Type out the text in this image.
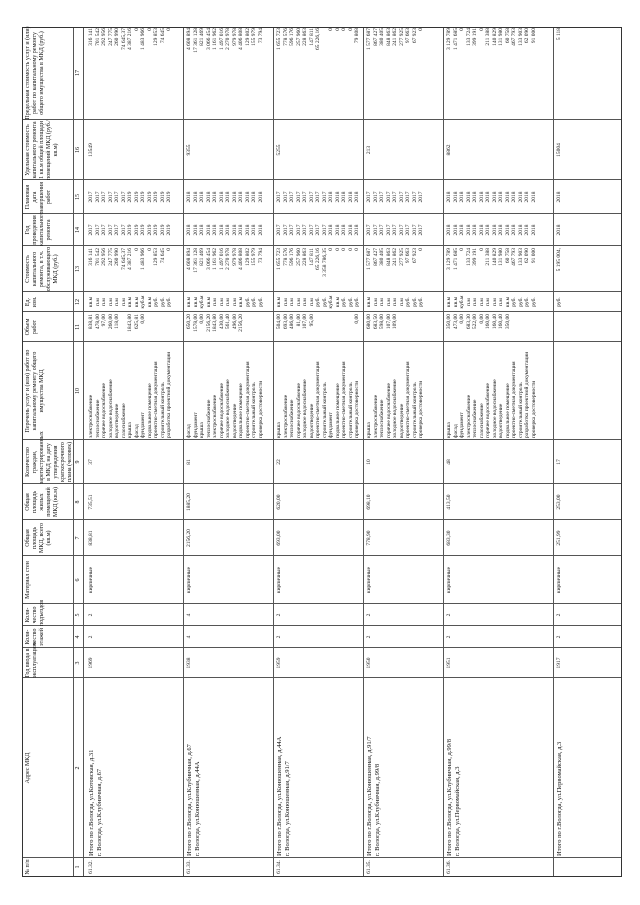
№ п/п
Адрес МКД
Год ввода в эксплуатацию
Коли-чество этажей
Коли-чество подъездов
Материал стен
Общая площадь МКД, всего (кв.м)
Общая площадь жилых помещений МКД (кв.м)
Количество граждан, зарегистрированных в МКД на дату утверждения краткосрочного плана (человек)
Перечень услуг и (или) работ по капитальному ремонту общего имущества МКД
Объем работ
Ед. изм.
Стоимость капитального ремонта, в т.ч. обслуживающего МКД (руб.)
Год проведения капитального ремонта
Плановая дата завершения работ
Удельная стоимость капитального ремонта 1 кв.м общей площади помещений МКД (руб./кв.м)
Предельная стоимость услуг и (или) работ по капитальному ремонту общего имущества в МКД (руб.)
1
2
3
4
5
6
7
8
9
10
11
12
13
14
15
16
17
61.32.
Итого по г.Вологда, ул.Котовская, д.31
г. Вологда, ул.Клубничная, д.67
1969
2
2
кирпичные
838,81
735,51
37
электроснабжение
теплоснабжение
горячее водоснабжение
холодное водоснабжение
водоотведение
газоснабжение
крыша
фасад
фундамент
подвальное помещение
проектно-сметная документация
строительный контроль
разработка проектной документации
838,81
478,00
97,00
260,00
118,00

1843,80
625,81
0,00

кв.м
п.м
п.м
п.м
п.м
п.м
кв.м
кв.м
куб.м
кв.м
руб.
руб.
руб.
316 141
701 542
292 956
247 775
260 990
74 645,37
4 387 216
0
1 483 966
0
129 853
74 645
0
2017
2017
2017
2017
2017
2017
2019
2019
2019
2019
2019
2019
2019
2017
2017
2017
2017
2017
2017
2019
2019
2019
2019
2019
2019
2019
13549
316 141
701 542
292 956
247 775
260 990
74 645,37
4 387 216
0
1 483 966
0
129 853
74 645
0
61.33.
Итого по г.Вологда, ул.Клубничная, д.67
г. Вологда, ул.Конюшенная, д.44А
1938
4
4
кирпичные
2156,20
1885,20
81
фасад
фундамент
крыша
теплоснабжение
электроснабжение
горячее водоснабжение
холодное водоснабжение
водоотведение
подвальное помещение
проектно-сметная документация
строительный контроль
проверка достоверности
650,20
1578,00
0,00
2156,20
1843,80
430,00
561,40
496,00
2156,20

кв.м
кв.м
куб.м
кв.м
п.м
п.м
п.м
п.м
кв.м
руб.
руб.
руб.
4 608 894
17 361 128
821 469
3 066 454
1 161 962
1 497 016
2 270 978
979 978
4 406 808
129 802
155 979
73 794
2018
2018
2018
2018
2018
2018
2018
2018
2018
2018
2018
2018
2018
2018
2018
2018
2018
2018
2018
2018
2018
2018
2018
2018
9355
4 608 894
17 361 128
821 469
3 066 454
1 161 962
1 497 016
2 270 978
979 978
4 406 808
129 802
155 979
73 794
61.34.
Итого по г.Вологда, ул.Конюшенная, д.44А
г. Вологда, ул.Конюшенная, д.91/7
1959
2
2
кирпичные
693,00
620,00
22
крыша
электроснабжение
теплоснабжение
горячее водоснабжение
холодное водоснабжение
водоотведение
проектно-сметная документация
строительный контроль
фундамент
подвальное помещение
проектно-сметная документация
строительный контроль
проверка достоверности
504,00
693,00
486,00
81,00
107,00
95,00

0,00
кв.м
п.м
п.м
п.м
п.м
п.м
руб.
руб.
куб.м
кв.м
руб.
руб.
руб.
1 655 723
778 576
596 176
257 960
228 863
147 811
65 226,16
3 358 786,35
0
0
0
0
0
2017
2017
2017
2017
2017
2017
2017
2017
2018
2018
2018
2018
2018
2017
2017
2017
2017
2017
2017
2017
2017
2018
2018
2018
2018
2018
5255
1 655 723
778 576
596 176
257 960
228 863
147 811
65 226,16

0
0
0
0
79 808
61.35.
Итого по г.Вологда, ул.Конюшенная, д.91/7
г. Вологда, ул.Клубничная, д.99/8
1950
2
2
кирпичные
778,90
698,10
10
крыша
электроснабжение
теплоснабжение
горячее водоснабжение
холодное водоснабжение
водоотведение
проектно-сметная документация
строительный контроль
проверка достоверности
680,00
683,50
598,00
107,00
109,00

кв.м
п.м
п.м
п.м
п.м
п.м
руб.
руб.
руб.
1 577 687
867 427
380 405
848 863
241 862
277 925
97 663
67 923
0
2017
2017
2017
2017
2017
2017
2017
2017
2017
2017
2017
2017
2017
2017
2017
2017
2017
2017
213
1 577 687
867 427
380 405
848 863
241 862
277 925
97 663
67 923
0
61.36.
Итого по г.Вологда, ул.Клубничная, д.99/8
г. Вологда, ул.Первомайская, д.3
1951
2
2
кирпичные
683,30
413,50
48
крыша
фасад
фундамент
электроснабжение
теплоснабжение
газоснабжение
горячее водоснабжение
холодное водоснабжение
водоотведение
подвальное помещение
проектно-сметная документация
строительный контроль
разработка проектной документации
проверка достоверности
350,00
473,00
0,00
683,30
522,00
0,00
160,00
160,40
160,40
350,00

кв.м
кв.м
куб.м
п.м
п.м
п.м
п.м
п.м
п.м
кв.м
руб.
руб.
руб.
руб.
3 129 789
1 471 685
0
133 724
399 191
0
211 388
140 829
131 980
60 758
467 793
133 903
62 090
91 000
2018
2018
2018
2018
2018
2018
2018
2018
2018
2018
2018
2018
2018
2018
2018
2018
2018
2018
2018
2018
2018
2018
2018
2018
2018
2018
2018
2018
8862
3 129 789
1 471 685
0
133 724
399 191
0
211 388
140 829
131 980
60 758
467 793
133 903
62 090
91 000
Итого по г.Вологда, ул.Первомайская, д.3
1917
2
2
кирпичные
251,99
253,00
17
руб.
5 195 004,
2018
2018
15004
5 118
